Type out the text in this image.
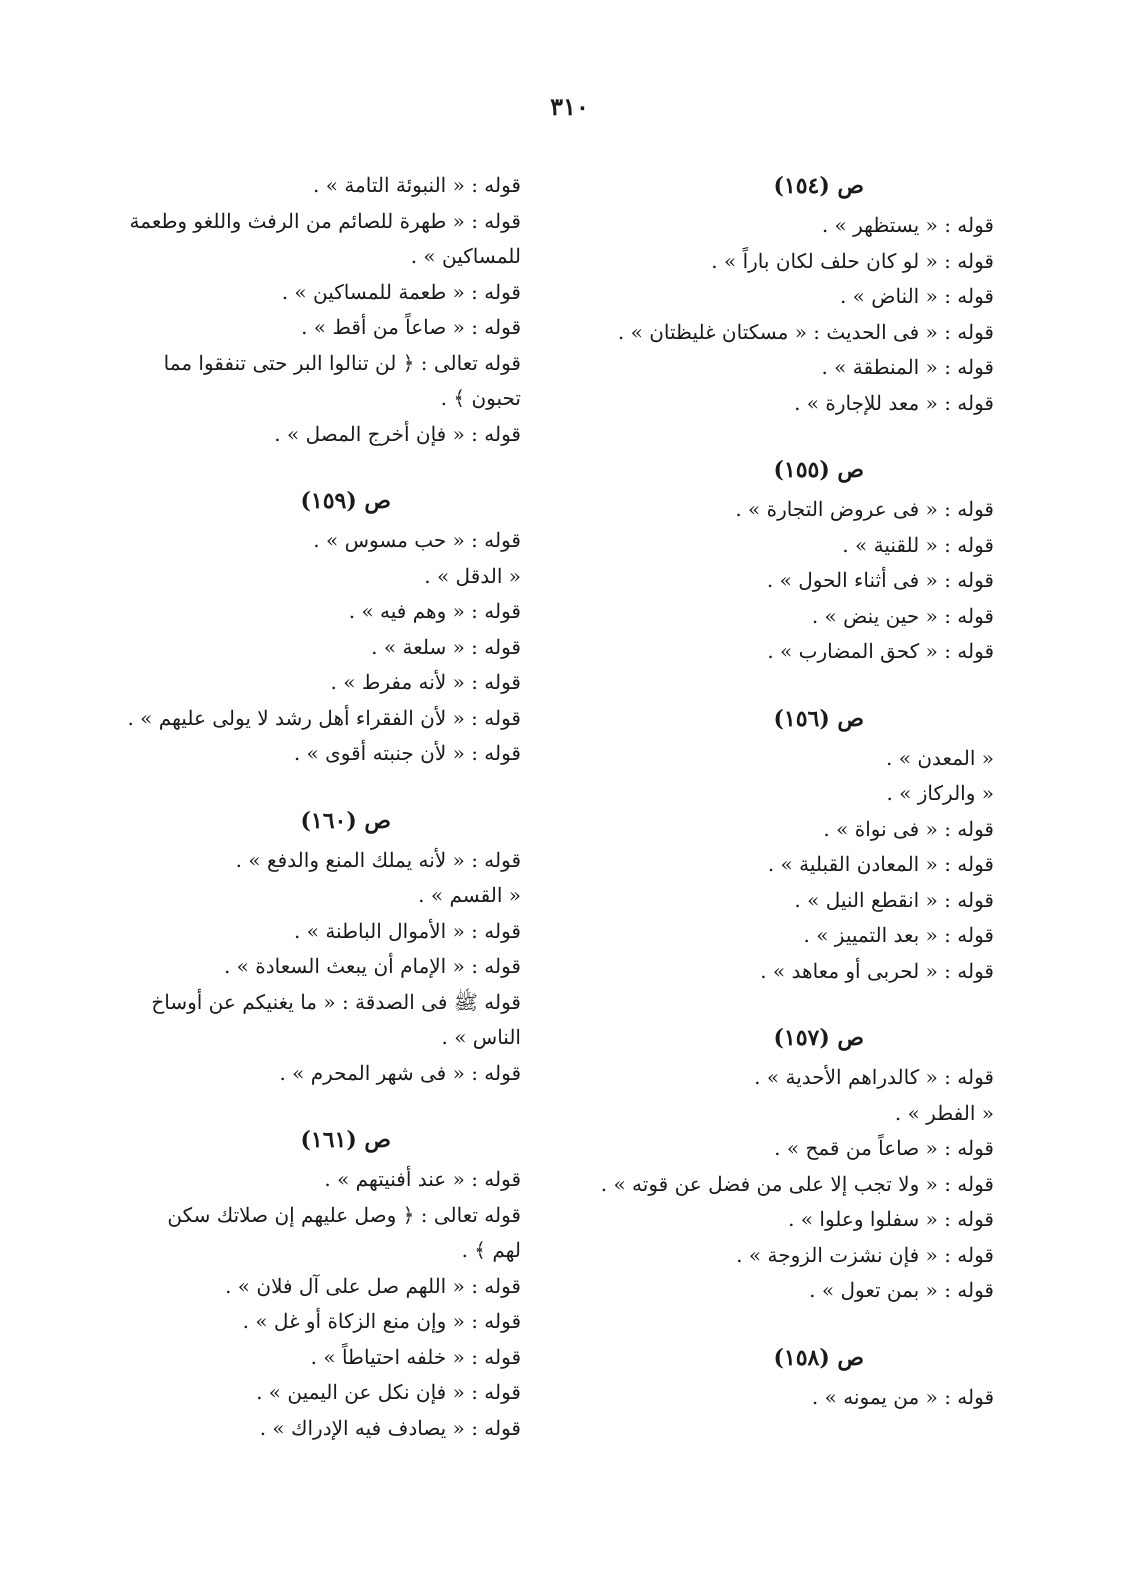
٣١٠
ص (١٥٤)
قوله : « يستظهر » .
قوله : « لو كان حلف لكان باراً » .
قوله : « الناض » .
قوله : « فى الحديث : « مسكتان غليظتان » .
قوله : « المنطقة » .
قوله : « معد للإجارة » .
ص (١٥٥)
قوله : « فى عروض التجارة » .
قوله : « للقنية » .
قوله : « فى أثناء الحول » .
قوله : « حين ينض » .
قوله : « كحق المضارب » .
ص (١٥٦)
« المعدن » .
« والركاز » .
قوله : « فى نواة » .
قوله : « المعادن القبلية » .
قوله : « انقطع النيل » .
قوله : « بعد التمييز » .
قوله : « لحربى أو معاهد » .
ص (١٥٧)
قوله : « كالدراهم الأحدية » .
« الفطر » .
قوله : « صاعاً من قمح » .
قوله : « ولا تجب إلا على من فضل عن قوته » .
قوله : « سفلوا وعلوا » .
قوله : « فإن نشزت الزوجة » .
قوله : « بمن تعول » .
ص (١٥٨)
قوله : « من يمونه » .
قوله : « النبوئة التامة » .
قوله : « طهرة للصائم من الرفث واللغو وطعمة
للمساكين » .
قوله : « طعمة للمساكين » .
قوله : « صاعاً من أقط » .
قوله تعالى : ﴿ لن تنالوا البر حتى تنفقوا مما
تحبون ﴾ .
قوله : « فإن أخرج المصل » .
ص (١٥٩)
قوله : « حب مسوس » .
« الدقل » .
قوله : « وهم فيه » .
قوله : « سلعة » .
قوله : « لأنه مفرط » .
قوله : « لأن الفقراء أهل رشد لا يولى عليهم » .
قوله : « لأن جنبته أقوى » .
ص (١٦٠)
قوله : « لأنه يملك المنع والدفع » .
« القسم » .
قوله : « الأموال الباطنة » .
قوله : « الإمام أن يبعث السعادة » .
قوله ﷺ فى الصدقة : « ما يغنيكم عن أوساخ
الناس » .
قوله : « فى شهر المحرم » .
ص (١٦١)
قوله : « عند أفنيتهم » .
قوله تعالى : ﴿ وصل عليهم إن صلاتك سكن
لهم ﴾ .
قوله : « اللهم صل على آل فلان » .
قوله : « وإن منع الزكاة أو غل » .
قوله : « خلفه احتياطاً » .
قوله : « فإن نكل عن اليمين » .
قوله : « يصادف فيه الإدراك » .
